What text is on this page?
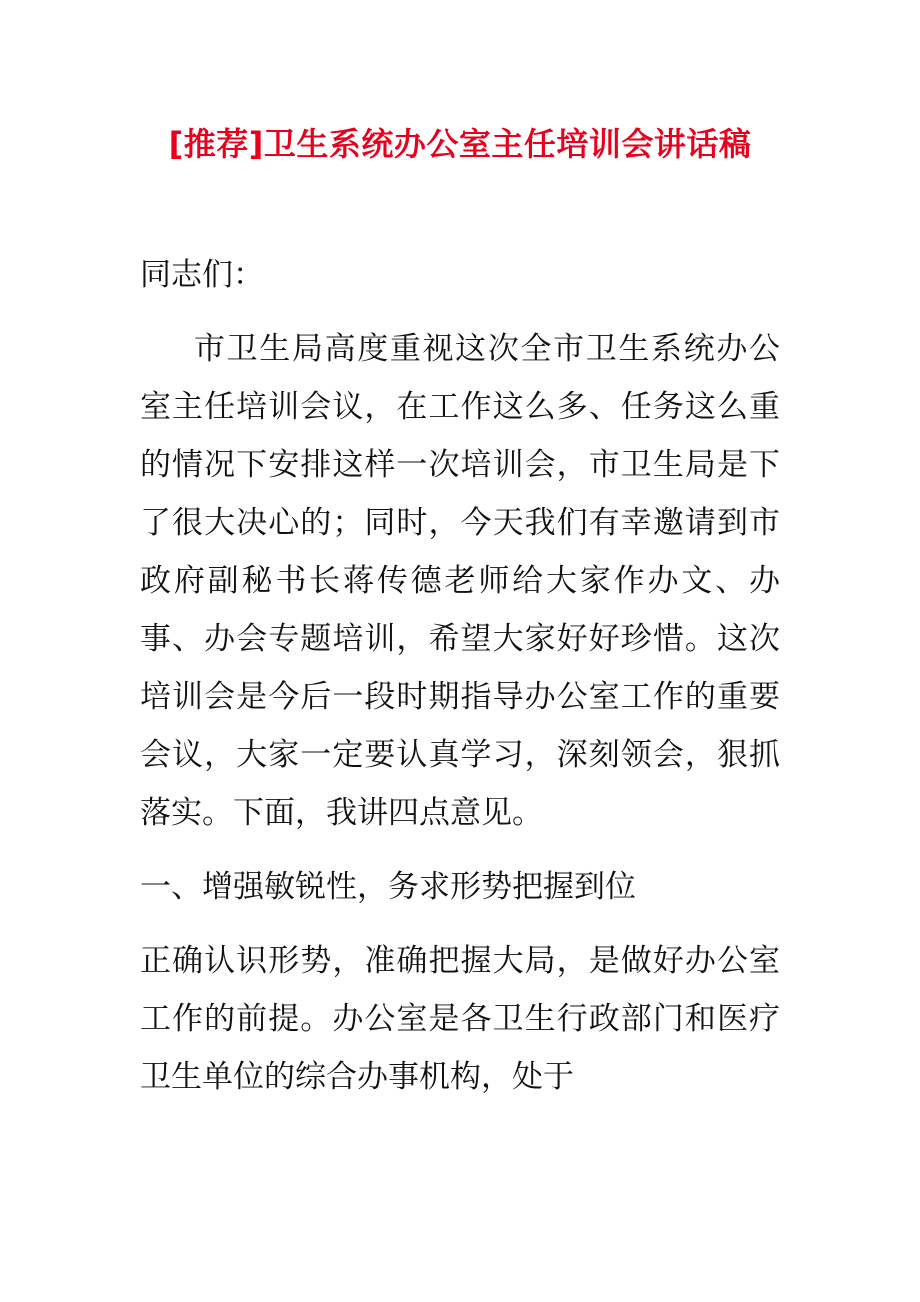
[推荐]卫生系统办公室主任培训会讲话稿

同志们：

市卫生局高度重视这次全市卫生系统办公室主任培训会议，在工作这么多、任务这么重的情况下安排这样一次培训会，市卫生局是下了很大决心的；同时，今天我们有幸邀请到市政府副秘书长蒋传德老师给大家作办文、办事、办会专题培训，希望大家好好珍惜。这次培训会是今后一段时期指导办公室工作的重要会议，大家一定要认真学习，深刻领会，狠抓落实。下面，我讲四点意见。

一、增强敏锐性，务求形势把握到位

正确认识形势，准确把握大局，是做好办公室工作的前提。办公室是各卫生行政部门和医疗卫生单位的综合办事机构，处于
